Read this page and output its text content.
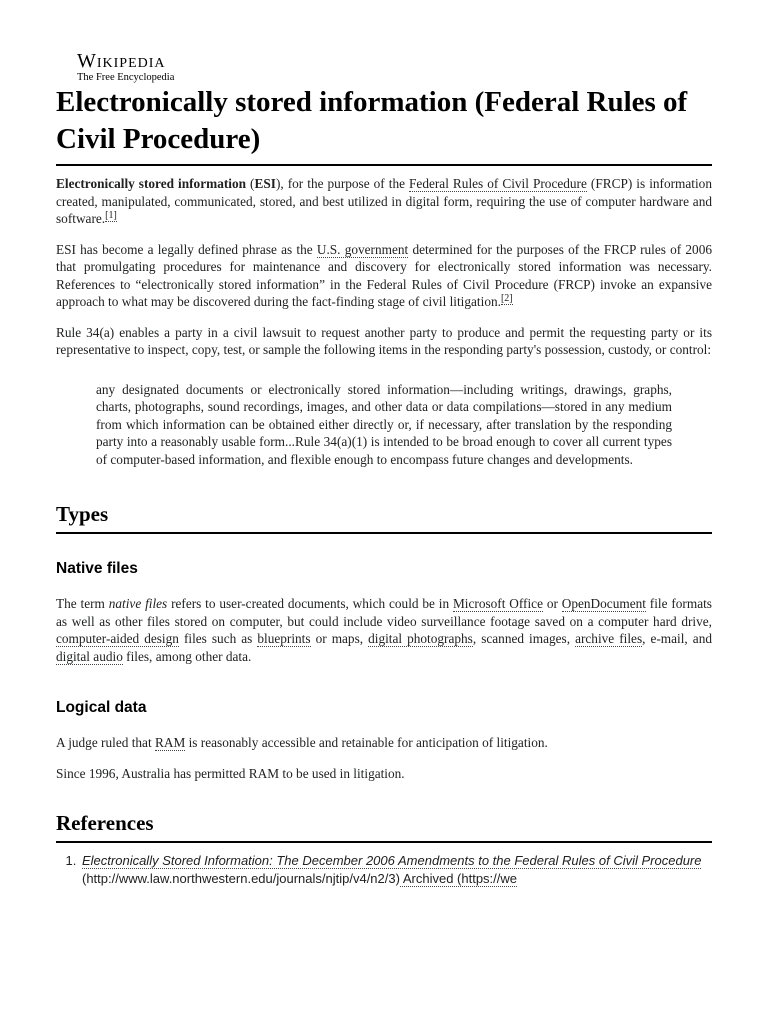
Wikipedia
The Free Encyclopedia
Electronically stored information (Federal Rules of Civil Procedure)

Electronically stored information (ESI), for the purpose of the Federal Rules of Civil Procedure (FRCP) is information created, manipulated, communicated, stored, and best utilized in digital form, requiring the use of computer hardware and software.[1]

ESI has become a legally defined phrase as the U.S. government determined for the purposes of the FRCP rules of 2006 that promulgating procedures for maintenance and discovery for electronically stored information was necessary. References to “electronically stored information” in the Federal Rules of Civil Procedure (FRCP) invoke an expansive approach to what may be discovered during the fact-finding stage of civil litigation.[2]

Rule 34(a) enables a party in a civil lawsuit to request another party to produce and permit the requesting party or its representative to inspect, copy, test, or sample the following items in the responding party's possession, custody, or control:

any designated documents or electronically stored information—including writings, drawings, graphs, charts, photographs, sound recordings, images, and other data or data compilations—stored in any medium from which information can be obtained either directly or, if necessary, after translation by the responding party into a reasonably usable form...Rule 34(a)(1) is intended to be broad enough to cover all current types of computer-based information, and flexible enough to encompass future changes and developments.
Types
Native files

The term native files refers to user-created documents, which could be in Microsoft Office or OpenDocument file formats as well as other files stored on computer, but could include video surveillance footage saved on a computer hard drive, computer-aided design files such as blueprints or maps, digital photographs, scanned images, archive files, e-mail, and digital audio files, among other data.

Logical data

A judge ruled that RAM is reasonably accessible and retainable for anticipation of litigation.

Since 1996, Australia has permitted RAM to be used in litigation.

References
1. Electronically Stored Information: The December 2006 Amendments to the Federal Rules of Civil Procedure (http://www.law.northwestern.edu/journals/njtip/v4/n2/3) Archived (https://we
